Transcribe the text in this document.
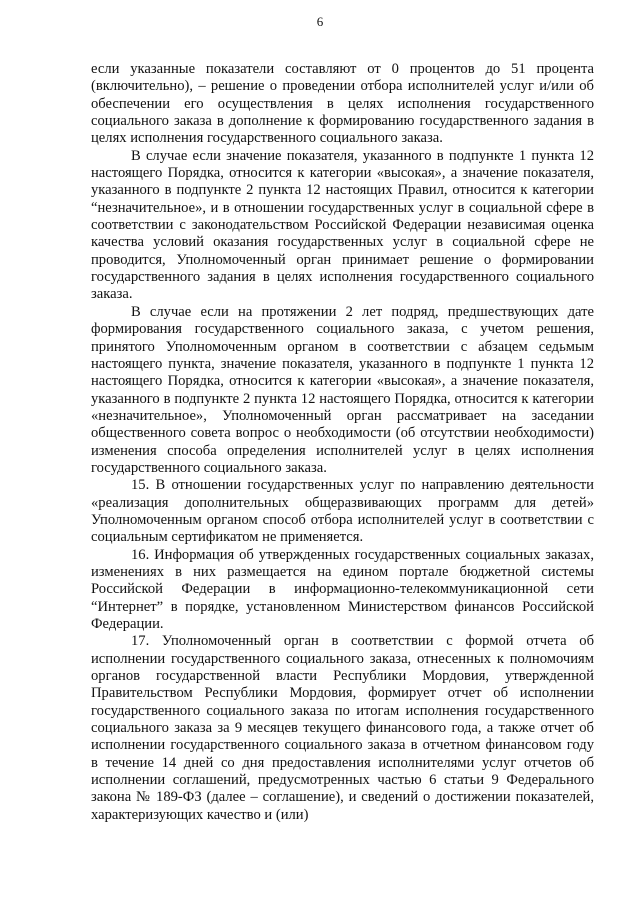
6

если указанные показатели составляют от 0 процентов до 51 процента (включительно), – решение о проведении отбора исполнителей услуг и/или об обеспечении его осуществления в целях исполнения государственного социального заказа в дополнение к формированию государственного задания в целях исполнения государственного социального заказа.

В случае если значение показателя, указанного в подпункте 1 пункта 12 настоящего Порядка, относится к категории «высокая», а значение показателя, указанного в подпункте 2 пункта 12 настоящих Правил, относится к категории “незначительное», и в отношении государственных услуг в социальной сфере в соответствии с законодательством Российской Федерации независимая оценка качества условий оказания государственных услуг в социальной сфере не проводится, Уполномоченный орган принимает решение о формировании государственного задания в целях исполнения государственного социального заказа.

В случае если на протяжении 2 лет подряд, предшествующих дате формирования государственного социального заказа, с учетом решения, принятого Уполномоченным органом в соответствии с абзацем седьмым настоящего пункта, значение показателя, указанного в подпункте 1 пункта 12 настоящего Порядка, относится к категории «высокая», а значение показателя, указанного в подпункте 2 пункта 12 настоящего Порядка, относится к категории «незначительное», Уполномоченный орган рассматривает на заседании общественного совета вопрос о необходимости (об отсутствии необходимости) изменения способа определения исполнителей услуг в целях исполнения государственного социального заказа.

15. В отношении государственных услуг по направлению деятельности «реализация дополнительных общеразвивающих программ для детей» Уполномоченным органом способ отбора исполнителей услуг в соответствии с социальным сертификатом не применяется.

16. Информация об утвержденных государственных социальных заказах, изменениях в них размещается на едином портале бюджетной системы Российской Федерации в информационно-телекоммуникационной сети “Интернет” в порядке, установленном Министерством финансов Российской Федерации.

17. Уполномоченный орган в соответствии с формой отчета об исполнении государственного социального заказа, отнесенных к полномочиям органов государственной власти Республики Мордовия, утвержденной Правительством Республики Мордовия, формирует отчет об исполнении государственного социального заказа по итогам исполнения государственного социального заказа за 9 месяцев текущего финансового года, а также отчет об исполнении государственного социального заказа в отчетном финансовом году в течение 14 дней со дня предоставления исполнителями услуг отчетов об исполнении соглашений, предусмотренных частью 6 статьи 9 Федерального закона № 189-ФЗ (далее – соглашение), и сведений о достижении показателей, характеризующих качество и (или)
